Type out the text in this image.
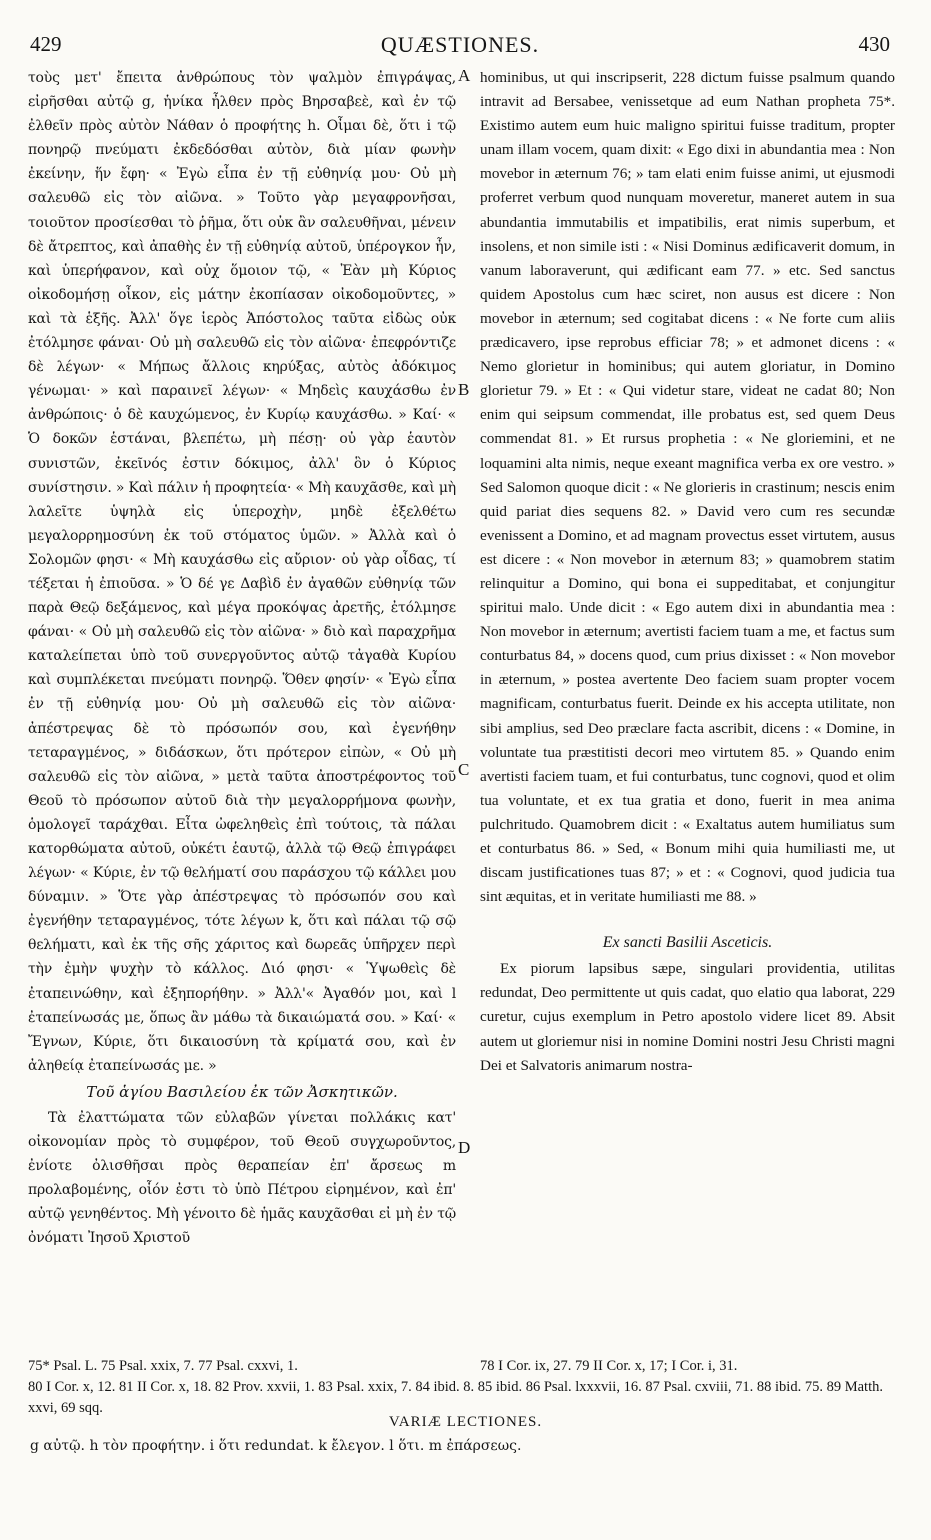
429	QUÆSTIONES.	430

τοὺς μετ' ἔπειτα ἀνθρώπους τὸν ψαλμὸν ἐπιγράψας, εἰρῆσθαι αὐτῷ g, ἡνίκα ἦλθεν πρὸς Βηρσαβεὲ, καὶ ἐν τῷ ἐλθεῖν πρὸς αὐτὸν Νάθαν ὁ προφήτης h. Οἶμαι δὲ, ὅτι i τῷ πονηρῷ πνεύματι ἐκδεδόσθαι αὐτὸν, διὰ μίαν φωνὴν ἐκείνην, ἥν ἔφη· « Ἐγὼ εἶπα ἐν τῇ εὐθηνίᾳ μου· Οὐ μὴ σαλευθῶ εἰς τὸν αἰῶνα. » Τοῦτο γὰρ μεγαφρονῆσαι, τοιοῦτον προσίεσθαι τὸ ῥῆμα, ὅτι οὐκ ἂν σαλευθῆναι, μένειν δὲ ἄτρεπτος, καὶ ἀπαθὴς ἐν τῇ εὐθηνίᾳ αὐτοῦ, ὑπέρογκον ἦν, καὶ ὑπερήφανον, καὶ οὐχ ὅμοιον τῷ, « Ἐὰν μὴ Κύριος οἰκοδομήσῃ οἶκον, εἰς μάτην ἐκοπίασαν οἰκοδομοῦντες, » καὶ τὰ ἑξῆς. Ἀλλ' ὅγε ἱερὸς Ἀπόστολος ταῦτα εἰδὼς οὐκ ἐτόλμησε φάναι· Οὐ μὴ σαλευθῶ εἰς τὸν αἰῶνα· ἐπεφρόντιζε δὲ λέγων· « Μήπως ἄλλοις κηρύξας, αὐτὸς ἀδόκιμος γένωμαι· » καὶ παραινεῖ λέγων· « Μηδεὶς καυχάσθω ἐν ἀνθρώποις· ὁ δὲ καυχώμενος, ἐν Κυρίῳ καυχάσθω. » Καί· « Ὁ δοκῶν ἑστάναι, βλεπέτω, μὴ πέσῃ· οὐ γὰρ ἑαυτὸν συνιστῶν, ἐκεῖνός ἐστιν δόκιμος, ἀλλ' ὃν ὁ Κύριος συνίστησιν. » Καὶ πάλιν ἡ προφητεία· « Μὴ καυχᾶσθε, καὶ μὴ λαλεῖτε ὑψηλὰ εἰς ὑπεροχὴν, μηδὲ ἐξελθέτω μεγαλορρημοσύνη ἐκ τοῦ στόματος ὑμῶν. » Ἀλλὰ καὶ ὁ Σολομῶν φησι· « Μὴ καυχάσθω εἰς αὔριον· οὐ γὰρ οἶδας, τί τέξεται ἡ ἐπιοῦσα. » Ὁ δέ γε Δαβὶδ ἐν ἀγαθῶν εὐθηνίᾳ τῶν παρὰ Θεῷ δεξάμενος, καὶ μέγα προκόψας ἀρετῆς, ἐτόλμησε φάναι· « Οὐ μὴ σαλευθῶ εἰς τὸν αἰῶνα· » διὸ καὶ παραχρῆμα καταλείπεται ὑπὸ τοῦ συνεργοῦντος αὐτῷ τἀγαθὰ Κυρίου καὶ συμπλέκεται πνεύματι πονηρῷ. Ὅθεν φησίν· « Ἐγὼ εἶπα ἐν τῇ εὐθηνίᾳ μου· Οὐ μὴ σαλευθῶ εἰς τὸν αἰῶνα· ἀπέστρεψας δὲ τὸ πρόσωπόν σου, καὶ ἐγενήθην τεταραγμένος, » διδάσκων, ὅτι πρότερον εἰπὼν, « Οὐ μὴ σαλευθῶ εἰς τὸν αἰῶνα, » μετὰ ταῦτα ἀποστρέφοντος τοῦ Θεοῦ τὸ πρόσωπον αὐτοῦ διὰ τὴν μεγαλορρήμονα φωνὴν, ὁμολογεῖ ταράχθαι. Εἶτα ὠφεληθεὶς ἐπὶ τούτοις, τὰ πάλαι κατορθώματα αὐτοῦ, οὐκέτι ἑαυτῷ, ἀλλὰ τῷ Θεῷ ἐπιγράφει λέγων· « Κύριε, ἐν τῷ θελήματί σου παράσχου τῷ κάλλει μου δύναμιν. » Ὅτε γὰρ ἀπέστρεψας τὸ πρόσωπόν σου καὶ ἐγενήθην τεταραγμένος, τότε λέγων k, ὅτι καὶ πάλαι τῷ σῷ θελήματι, καὶ ἐκ τῆς σῆς χάριτος καὶ δωρεᾶς ὑπῆρχεν περὶ τὴν ἐμὴν ψυχὴν τὸ κάλλος. Διό φησι· « Ὑψωθεὶς δὲ ἐταπεινώθην, καὶ ἐξηπορήθην. » Ἀλλ'« Ἀγαθόν μοι, καὶ l ἐταπείνωσάς με, ὅπως ἂν μάθω τὰ δικαιώματά σου. » Καί· « Ἔγνων, Κύριε, ὅτι δικαιοσύνη τὰ κρίματά σου, καὶ ἐν ἀληθείᾳ ἐταπείνωσάς με. »

Τοῦ ἁγίου Βασιλείου ἐκ τῶν Ἀσκητικῶν.

Τὰ ἐλαττώματα τῶν εὐλαβῶν γίνεται πολλάκις κατ' οἰκονομίαν πρὸς τὸ συμφέρον, τοῦ Θεοῦ συγχωροῦντος, ἐνίοτε ὀλισθῆσαι πρὸς θεραπείαν ἐπ' ἄρσεως m προλαβομένης, οἷόν ἐστι τὸ ὑπὸ Πέτρου εἰρημένον, καὶ ἐπ' αὐτῷ γενηθέντος. Μὴ γένοιτο δὲ ἡμᾶς καυχᾶσθαι εἰ μὴ ἐν τῷ ὀνόματι Ἰησοῦ Χριστοῦ

A
B
C
D

hominibus, ut qui inscripserit, 228 dictum fuisse psalmum quando intravit ad Bersabee, venissetque ad eum Nathan propheta 75*. Existimo autem eum huic maligno spiritui fuisse traditum, propter unam illam vocem, quam dixit: « Ego dixi in abundantia mea : Non movebor in æternum 76; » tam elati enim fuisse animi, ut ejusmodi proferret verbum quod nunquam moveretur, maneret autem in sua abundantia immutabilis et impatibilis, erat nimis superbum, et insolens, et non simile isti : « Nisi Dominus ædificaverit domum, in vanum laboraverunt, qui ædificant eam 77. » etc. Sed sanctus quidem Apostolus cum hæc sciret, non ausus est dicere : Non movebor in æternum; sed cogitabat dicens : « Ne forte cum aliis prædicavero, ipse reprobus efficiar 78; » et admonet dicens : « Nemo glorietur in hominibus; qui autem gloriatur, in Domino glorietur 79. » Et : « Qui videtur stare, videat ne cadat 80; Non enim qui seipsum commendat, ille probatus est, sed quem Deus commendat 81. » Et rursus prophetia : « Ne gloriemini, et ne loquamini alta nimis, neque exeant magnifica verba ex ore vestro. » Sed Salomon quoque dicit : « Ne glorieris in crastinum; nescis enim quid pariat dies sequens 82. » David vero cum res secundæ evenissent a Domino, et ad magnam provectus esset virtutem, ausus est dicere : « Non movebor in æternum 83; » quamobrem statim relinquitur a Domino, qui bona ei suppeditabat, et conjungitur spiritui malo. Unde dicit : « Ego autem dixi in abundantia mea : Non movebor in æternum; avertisti faciem tuam a me, et factus sum conturbatus 84, » docens quod, cum prius dixisset : « Non movebor in æternum, » postea avertente Deo faciem suam propter vocem magnificam, conturbatus fuerit. Deinde ex his accepta utilitate, non sibi amplius, sed Deo præclare facta ascribit, dicens : « Domine, in voluntate tua præstitisti decori meo virtutem 85. » Quando enim avertisti faciem tuam, et fui conturbatus, tunc cognovi, quod et olim tua voluntate, et ex tua gratia et dono, fuerit in mea anima pulchritudo. Quamobrem dicit : « Exaltatus autem humiliatus sum et conturbatus 86. » Sed, « Bonum mihi quia humiliasti me, ut discam justificationes tuas 87; » et : « Cognovi, quod judicia tua sint æquitas, et in veritate humiliasti me 88. »

Ex sancti Basilii Asceticis.

Ex piorum lapsibus sæpe, singulari providentia, utilitas redundat, Deo permittente ut quis cadat, quo elatio qua laborat, 229 curetur, cujus exemplum in Petro apostolo videre licet 89. Absit autem ut gloriemur nisi in nomine Domini nostri Jesu Christi magni Dei et Salvatoris animarum nostra-

75* Psal. L. 75 Psal. xxix, 7. 77 Psal. cxxvi, 1.	78 I Cor. ix, 27. 79 II Cor. x, 17; I Cor. i, 31.
80 I Cor. x, 12. 81 II Cor. x, 18. 82 Prov. xxvii, 1. 83 Psal. xxix, 7. 84 ibid. 8. 85 ibid. 86 Psal. lxxxvii, 16. 87 Psal. cxviii, 71. 88 ibid. 75. 89 Matth. xxvi, 69 sqq.
VARIÆ LECTIONES.
g αὐτῷ. h τὸν προφήτην. i ὅτι redundat. k ἔλεγον. l ὅτι. m ἐπάρσεως.
